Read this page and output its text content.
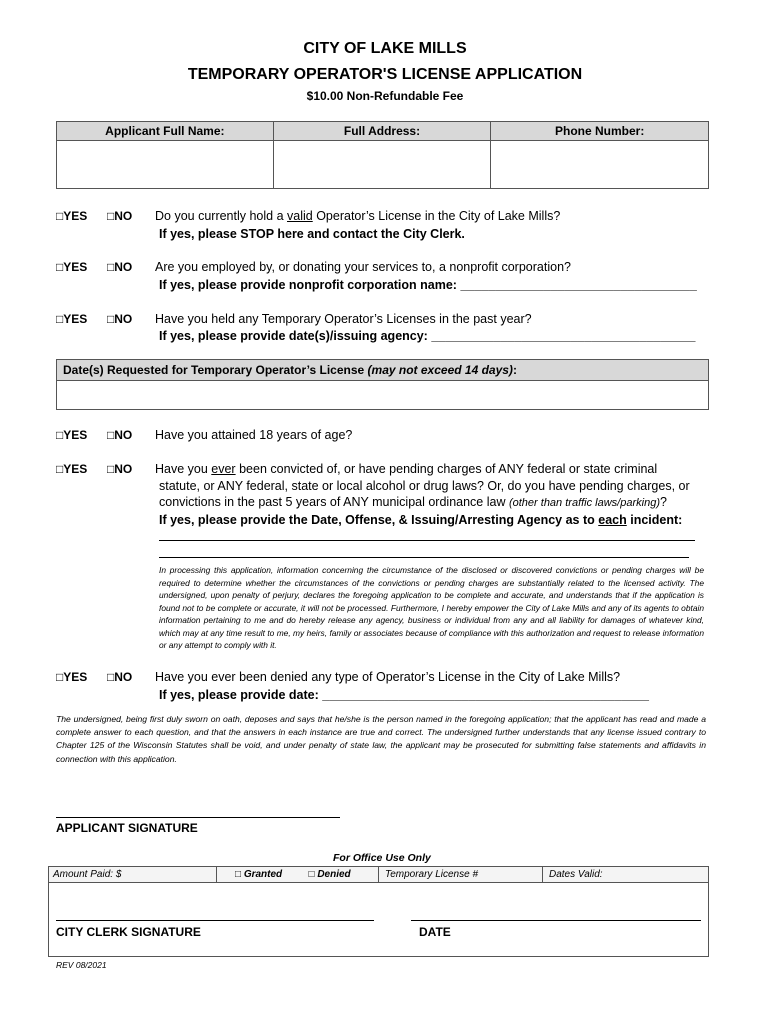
CITY OF LAKE MILLS
TEMPORARY OPERATOR'S LICENSE APPLICATION
$10.00 Non-Refundable Fee
Applicant Full Name:	Full Address:	Phone Number:

□YES □NO Do you currently hold a valid Operator’s License in the City of Lake Mills?
If yes, please STOP here and contact the City Clerk.
□YES □NO Are you employed by, or donating your services to, a nonprofit corporation?
If yes, please provide nonprofit corporation name: __________________________________
□YES □NO Have you held any Temporary Operator’s Licenses in the past year?
If yes, please provide date(s)/issuing agency: ______________________________________
Date(s) Requested for Temporary Operator’s License (may not exceed 14 days):

□YES □NO Have you attained 18 years of age?
□YES □NO Have you ever been convicted of, or have pending charges of ANY federal or state criminal
statute, or ANY federal, state or local alcohol or drug laws? Or, do you have pending charges, or
convictions in the past 5 years of ANY municipal ordinance law (other than traffic laws/parking)?
If yes, please provide the Date, Offense, & Issuing/Arresting Agency as to each incident:
In processing this application, information concerning the circumstance of the disclosed or discovered convictions or pending charges will be required to determine whether the circumstances of the convictions or pending charges are substantially related to the licensed activity. The undersigned, upon penalty of perjury, declares the foregoing application to be complete and accurate, and understands that if the application is found not to be complete or accurate, it will not be processed. Furthermore, I hereby empower the City of Lake Mills and any of its agents to obtain information pertaining to me and do hereby release any agency, business or individual from any and all liability for damages of whatever kind, which may at any time result to me, my heirs, family or associates because of compliance with this authorization and request to release information or any attempt to comply with it.
□YES □NO Have you ever been denied any type of Operator’s License in the City of Lake Mills?
If yes, please provide date: _______________________________________________
The undersigned, being first duly sworn on oath, deposes and says that he/she is the person named in the foregoing application; that the applicant has read and made a complete answer to each question, and that the answers in each instance are true and correct. The undersigned further understands that any license issued contrary to Chapter 125 of the Wisconsin Statutes shall be void, and under penalty of state law, the applicant may be prosecuted for submitting false statements and affidavits in connection with this application.
APPLICANT SIGNATURE
For Office Use Only
Amount Paid: $	□ Granted	□ Denied	Temporary License #	Dates Valid:

CITY CLERK SIGNATURE	DATE
REV 08/2021
